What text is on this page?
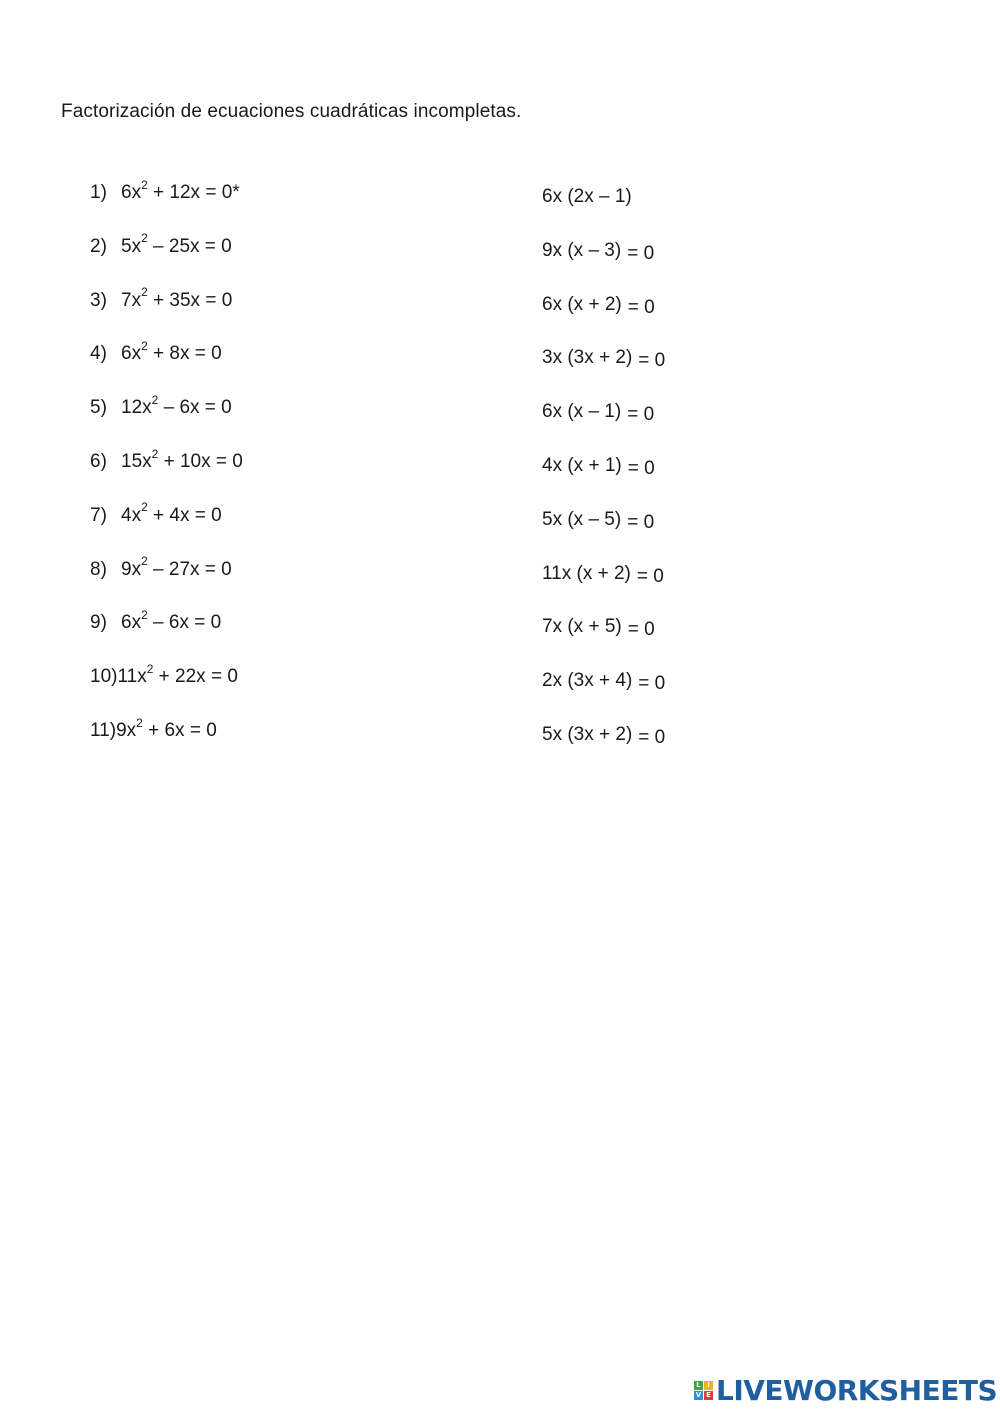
Factorización de ecuaciones cuadráticas incompletas.
1) $6x^2 + 12x = 0*$
2) $5x^2 - 25x = 0$
3) $7x^2 + 35x = 0$
4) $6x^2 + 8x = 0$
5) $12x^2 - 6x = 0$
6) $15x^2 + 10x = 0$
7) $4x^2 + 4x = 0$
8) $9x^2 - 27x = 0$
9) $6x^2 - 6x = 0$
$10)11x^2 + 22x = 0$
$11)9x^2 + 6x = 0$
6x (2x – 1)
9x (x – 3) = 0
6x (x + 2) = 0
3x (3x + 2) = 0
6x (x – 1) = 0
4x (x + 1) = 0
5x (x – 5) = 0
11x (x + 2) = 0
7x (x + 5) = 0
2x (3x + 4) = 0
5x (3x + 2) = 0
L I
V E LIVEWORKSHEETS
